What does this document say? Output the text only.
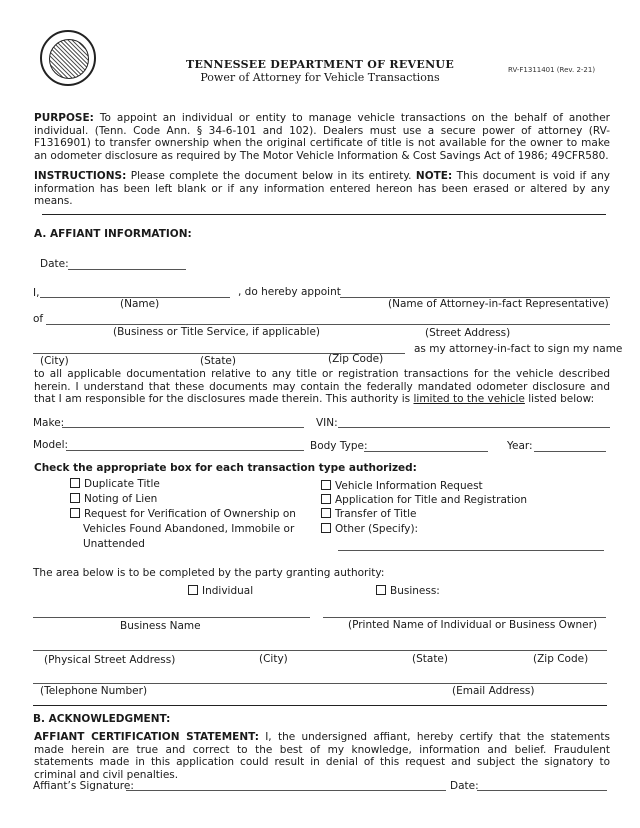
TENNESSEE DEPARTMENT OF REVENUE
Power of Attorney for Vehicle Transactions
RV-F1311401 (Rev. 2-21)
PURPOSE: To appoint an individual or entity to manage vehicle transactions on the behalf of another individual. (Tenn. Code Ann. § 34-6-101 and 102). Dealers must use a secure power of attorney (RV-F1316901) to transfer ownership when the original certificate of title is not available for the owner to make an odometer disclosure as required by The Motor Vehicle Information & Cost Savings Act of 1986; 49CFR580.
INSTRUCTIONS: Please complete the document below in its entirety. NOTE: This document is void if any information has been left blank or if any information entered hereon has been erased or altered by any means.
A. AFFIANT INFORMATION:
Date:
I,	, do hereby appoint
(Name)	(Name of Attorney-in-fact Representative)
of
(Business or Title Service, if applicable)	(Street Address)
as my attorney-in-fact to sign my name
(City)	(State)	(Zip Code)
to all applicable documentation relative to any title or registration transactions for the vehicle described herein. I understand that these documents may contain the federally mandated odometer disclosure and that I am responsible for the disclosures made therein. This authority is limited to the vehicle listed below:
Make:	VIN:
Model:	Body Type:	Year:
Check the appropriate box for each transaction type authorized:
Duplicate Title
Noting of Lien
Request for Verification of Ownership on
Vehicles Found Abandoned, Immobile or
Unattended
Vehicle Information Request
Application for Title and Registration
Transfer of Title
Other (Specify):
The area below is to be completed by the party granting authority:
Individual	Business:
Business Name	(Printed Name of Individual or Business Owner)
(Physical Street Address)	(City)	(State)	(Zip Code)
(Telephone Number)	(Email Address)
B. ACKNOWLEDGMENT:
AFFIANT CERTIFICATION STATEMENT: I, the undersigned affiant, hereby certify that the statements made herein are true and correct to the best of my knowledge, information and belief. Fraudulent statements made in this application could result in denial of this request and subject the signatory to criminal and civil penalties.
Affiant’s Signature:	Date:
